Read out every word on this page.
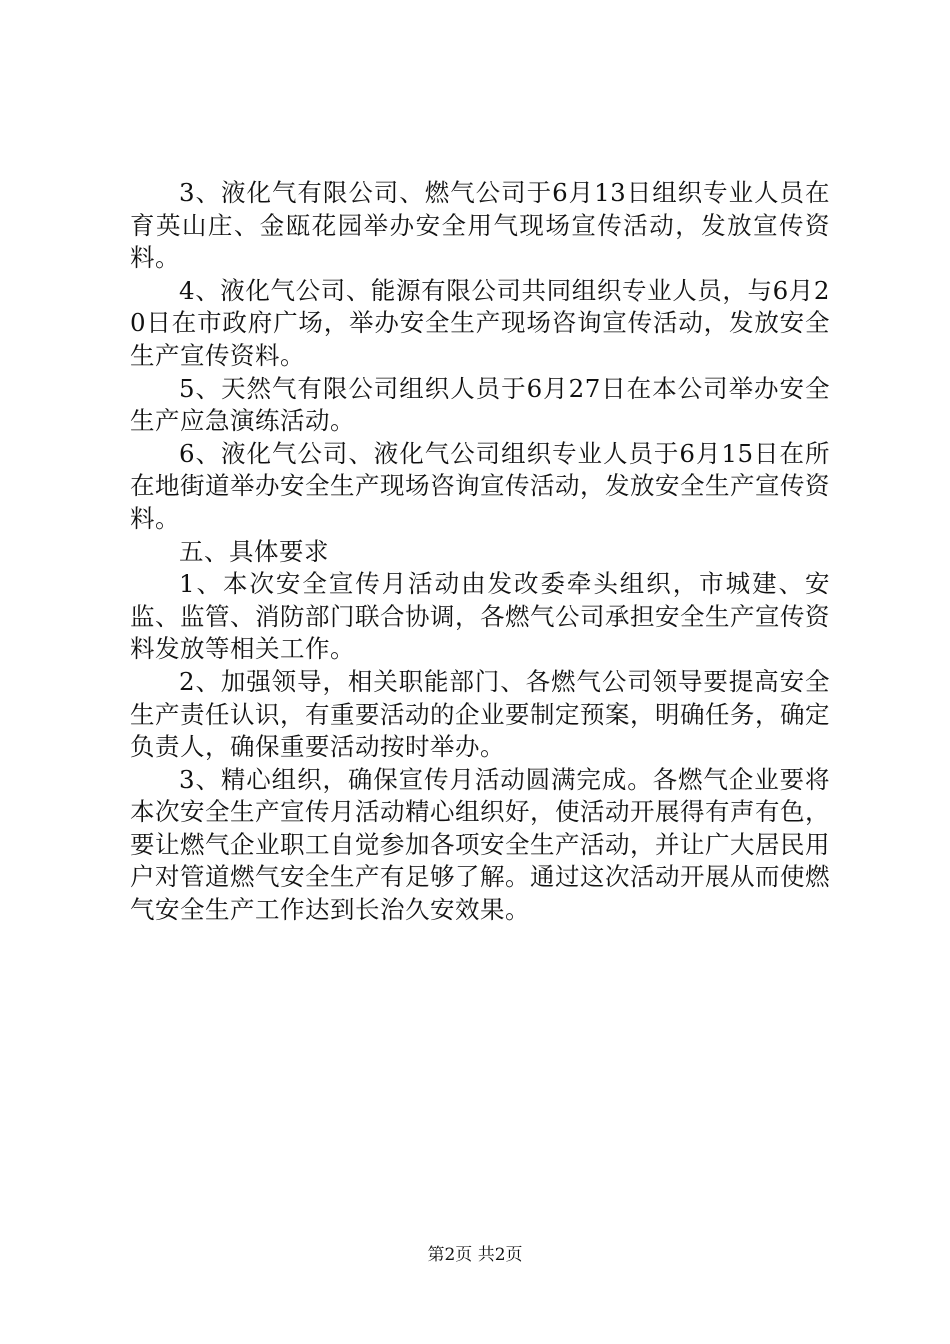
3、液化气有限公司、燃气公司于6月13日组织专业人员在育英山庄、金瓯花园举办安全用气现场宣传活动，发放宣传资料。

4、液化气公司、能源有限公司共同组织专业人员，与6月20日在市政府广场，举办安全生产现场咨询宣传活动，发放安全生产宣传资料。

5、天然气有限公司组织人员于6月27日在本公司举办安全生产应急演练活动。

6、液化气公司、液化气公司组织专业人员于6月15日在所在地街道举办安全生产现场咨询宣传活动，发放安全生产宣传资料。

五、具体要求

1、本次安全宣传月活动由发改委牵头组织，市城建、安监、监管、消防部门联合协调，各燃气公司承担安全生产宣传资料发放等相关工作。

2、加强领导，相关职能部门、各燃气公司领导要提高安全生产责任认识，有重要活动的企业要制定预案，明确任务，确定负责人，确保重要活动按时举办。

3、精心组织，确保宣传月活动圆满完成。各燃气企业要将本次安全生产宣传月活动精心组织好，使活动开展得有声有色，要让燃气企业职工自觉参加各项安全生产活动，并让广大居民用户对管道燃气安全生产有足够了解。通过这次活动开展从而使燃气安全生产工作达到长治久安效果。

第2页 共2页
